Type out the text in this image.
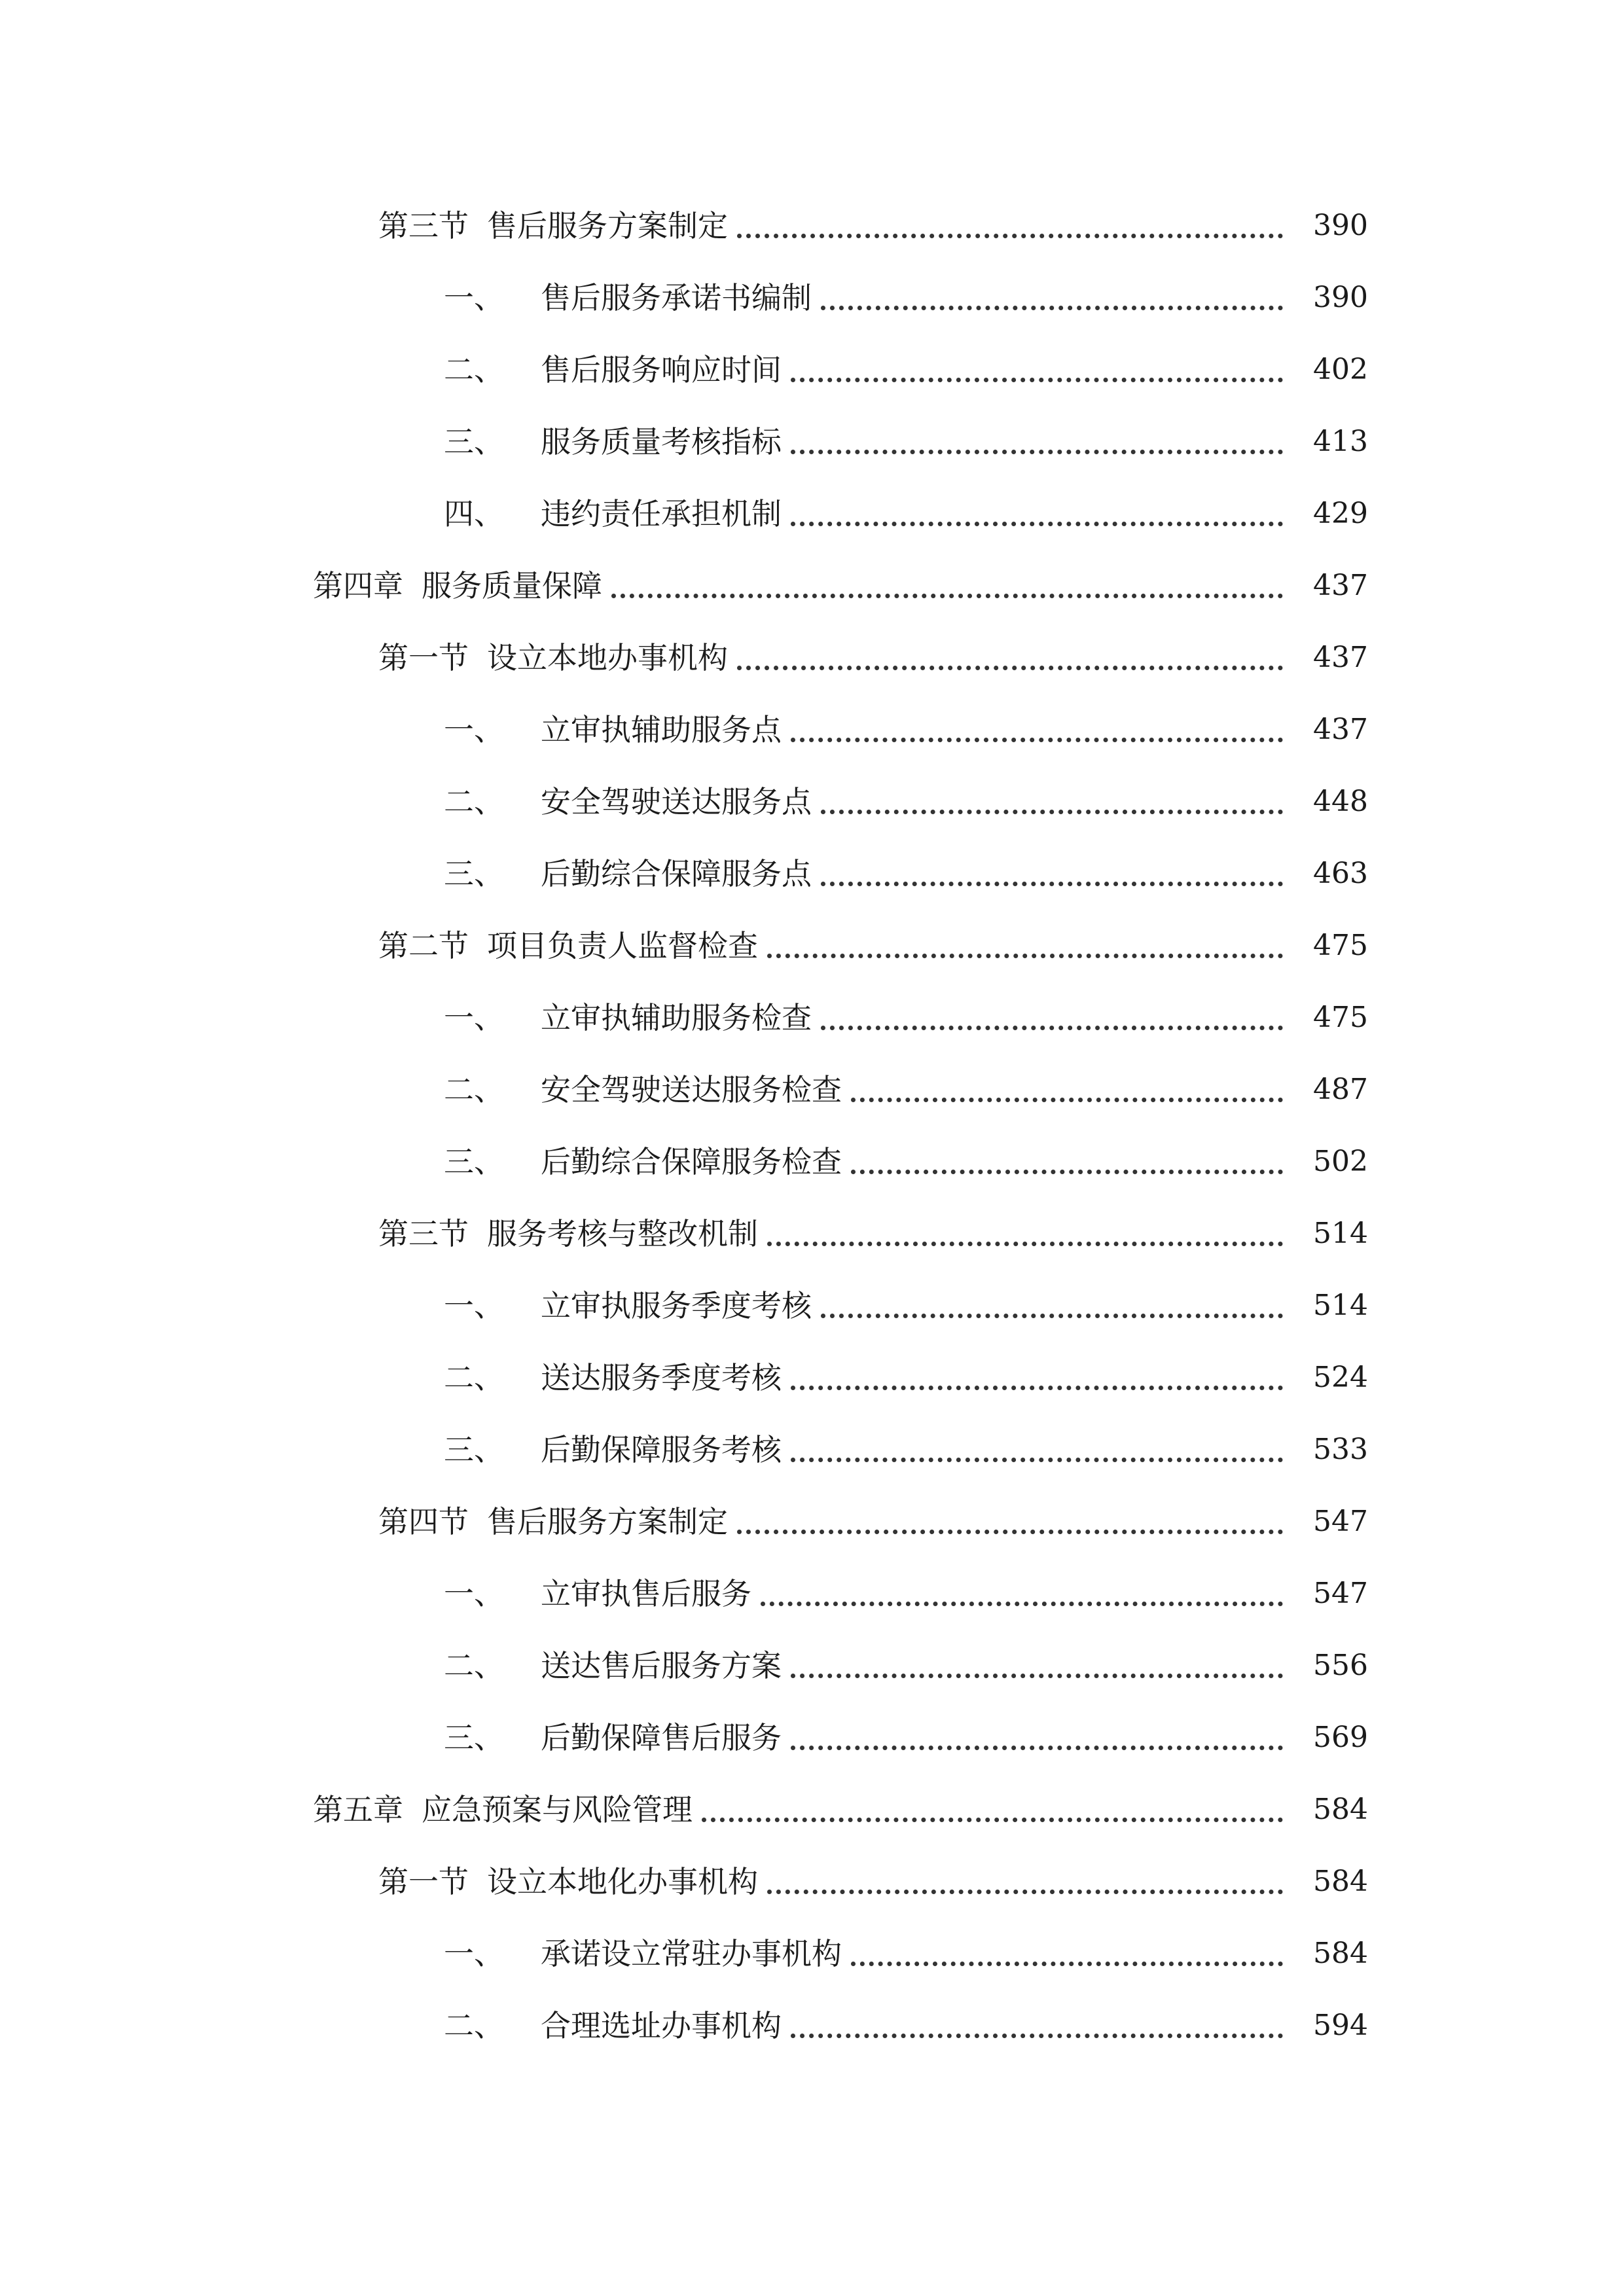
第三节 售后服务方案制定	390
一、 售后服务承诺书编制	390
二、 售后服务响应时间	402
三、 服务质量考核指标	413
四、 违约责任承担机制	429
第四章 服务质量保障	437
第一节 设立本地办事机构	437
一、 立审执辅助服务点	437
二、 安全驾驶送达服务点	448
三、 后勤综合保障服务点	463
第二节 项目负责人监督检查	475
一、 立审执辅助服务检查	475
二、 安全驾驶送达服务检查	487
三、 后勤综合保障服务检查	502
第三节 服务考核与整改机制	514
一、 立审执服务季度考核	514
二、 送达服务季度考核	524
三、 后勤保障服务考核	533
第四节 售后服务方案制定	547
一、 立审执售后服务	547
二、 送达售后服务方案	556
三、 后勤保障售后服务	569
第五章 应急预案与风险管理	584
第一节 设立本地化办事机构	584
一、 承诺设立常驻办事机构	584
二、 合理选址办事机构	594
